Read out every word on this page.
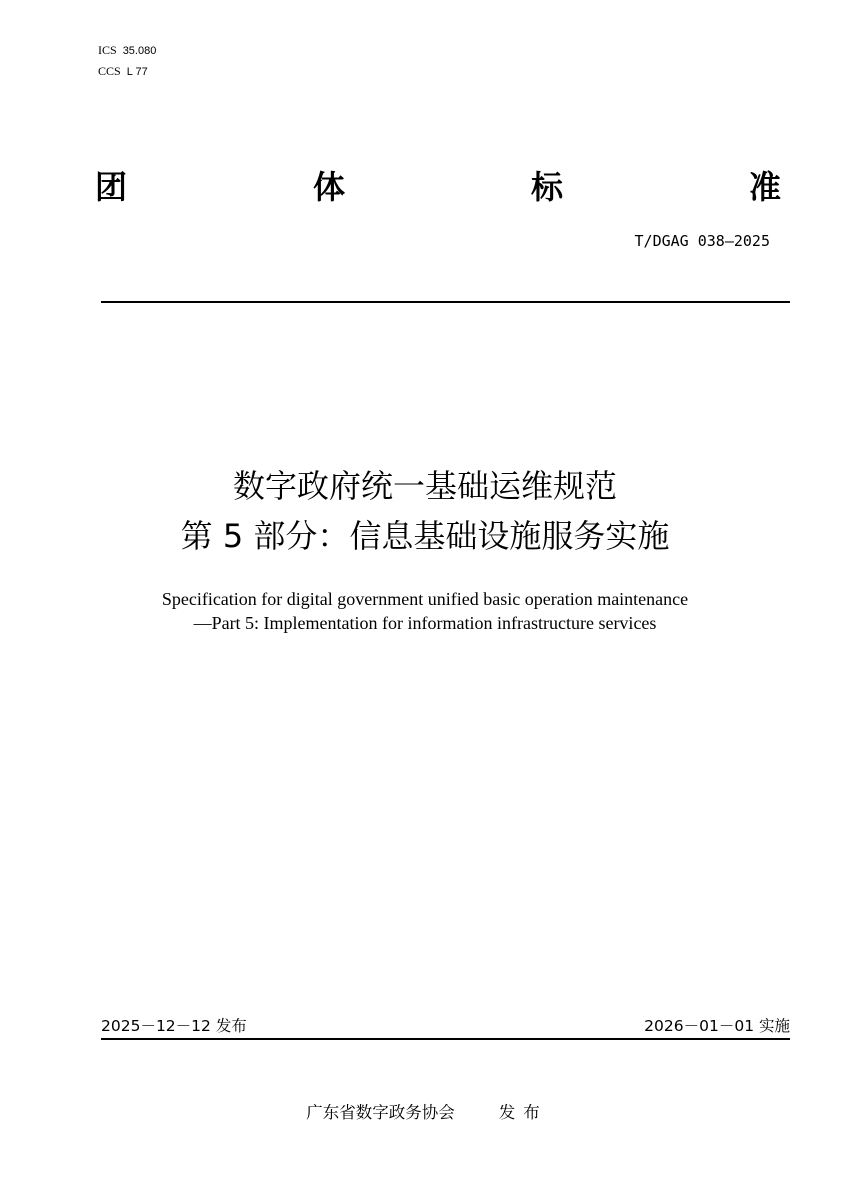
ICS 35.080
CCS L 77
团	体	标	准
T/DGAG 038—2025
数字政府统一基础运维规范
第 5 部分：信息基础设施服务实施
Specification for digital government unified basic operation maintenance
—Part 5: Implementation for information infrastructure services
2025－12－12 发布	2026－01－01 实施
广东省数字政务协会	发 布
